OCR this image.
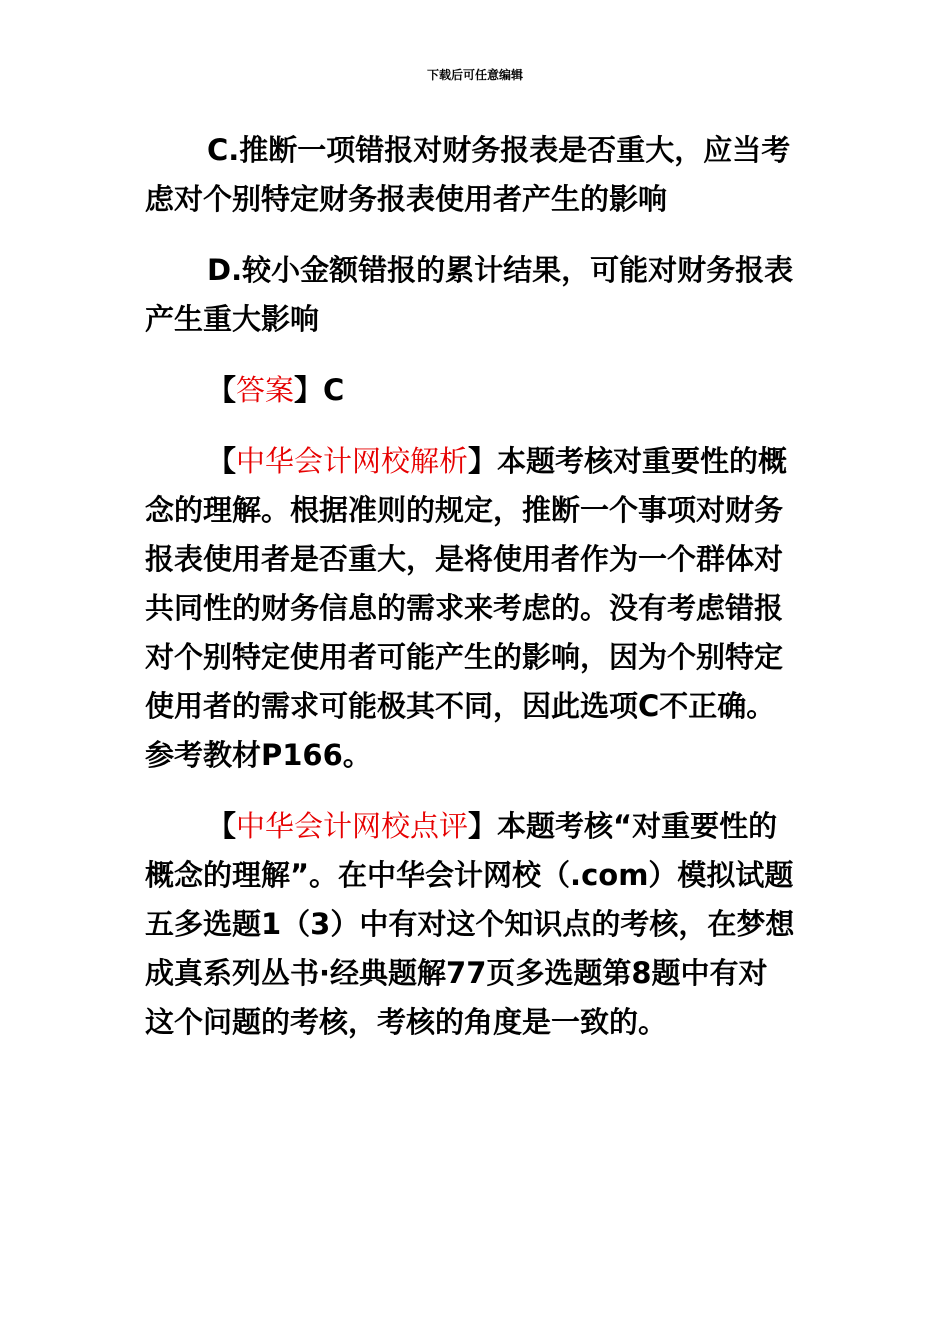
下载后可任意编辑

C.推断一项错报对财务报表是否重大，应当考虑对个别特定财务报表使用者产生的影响

D.较小金额错报的累计结果，可能对财务报表产生重大影响

【答案】C

【中华会计网校解析】本题考核对重要性的概念的理解。根据准则的规定，推断一个事项对财务报表使用者是否重大，是将使用者作为一个群体对共同性的财务信息的需求来考虑的。没有考虑错报对个别特定使用者可能产生的影响，因为个别特定使用者的需求可能极其不同，因此选项C不正确。参考教材P166。

【中华会计网校点评】本题考核“对重要性的概念的理解”。在中华会计网校（.com）模拟试题五多选题1（3）中有对这个知识点的考核，在梦想成真系列丛书·经典题解77页多选题第8题中有对这个问题的考核，考核的角度是一致的。
